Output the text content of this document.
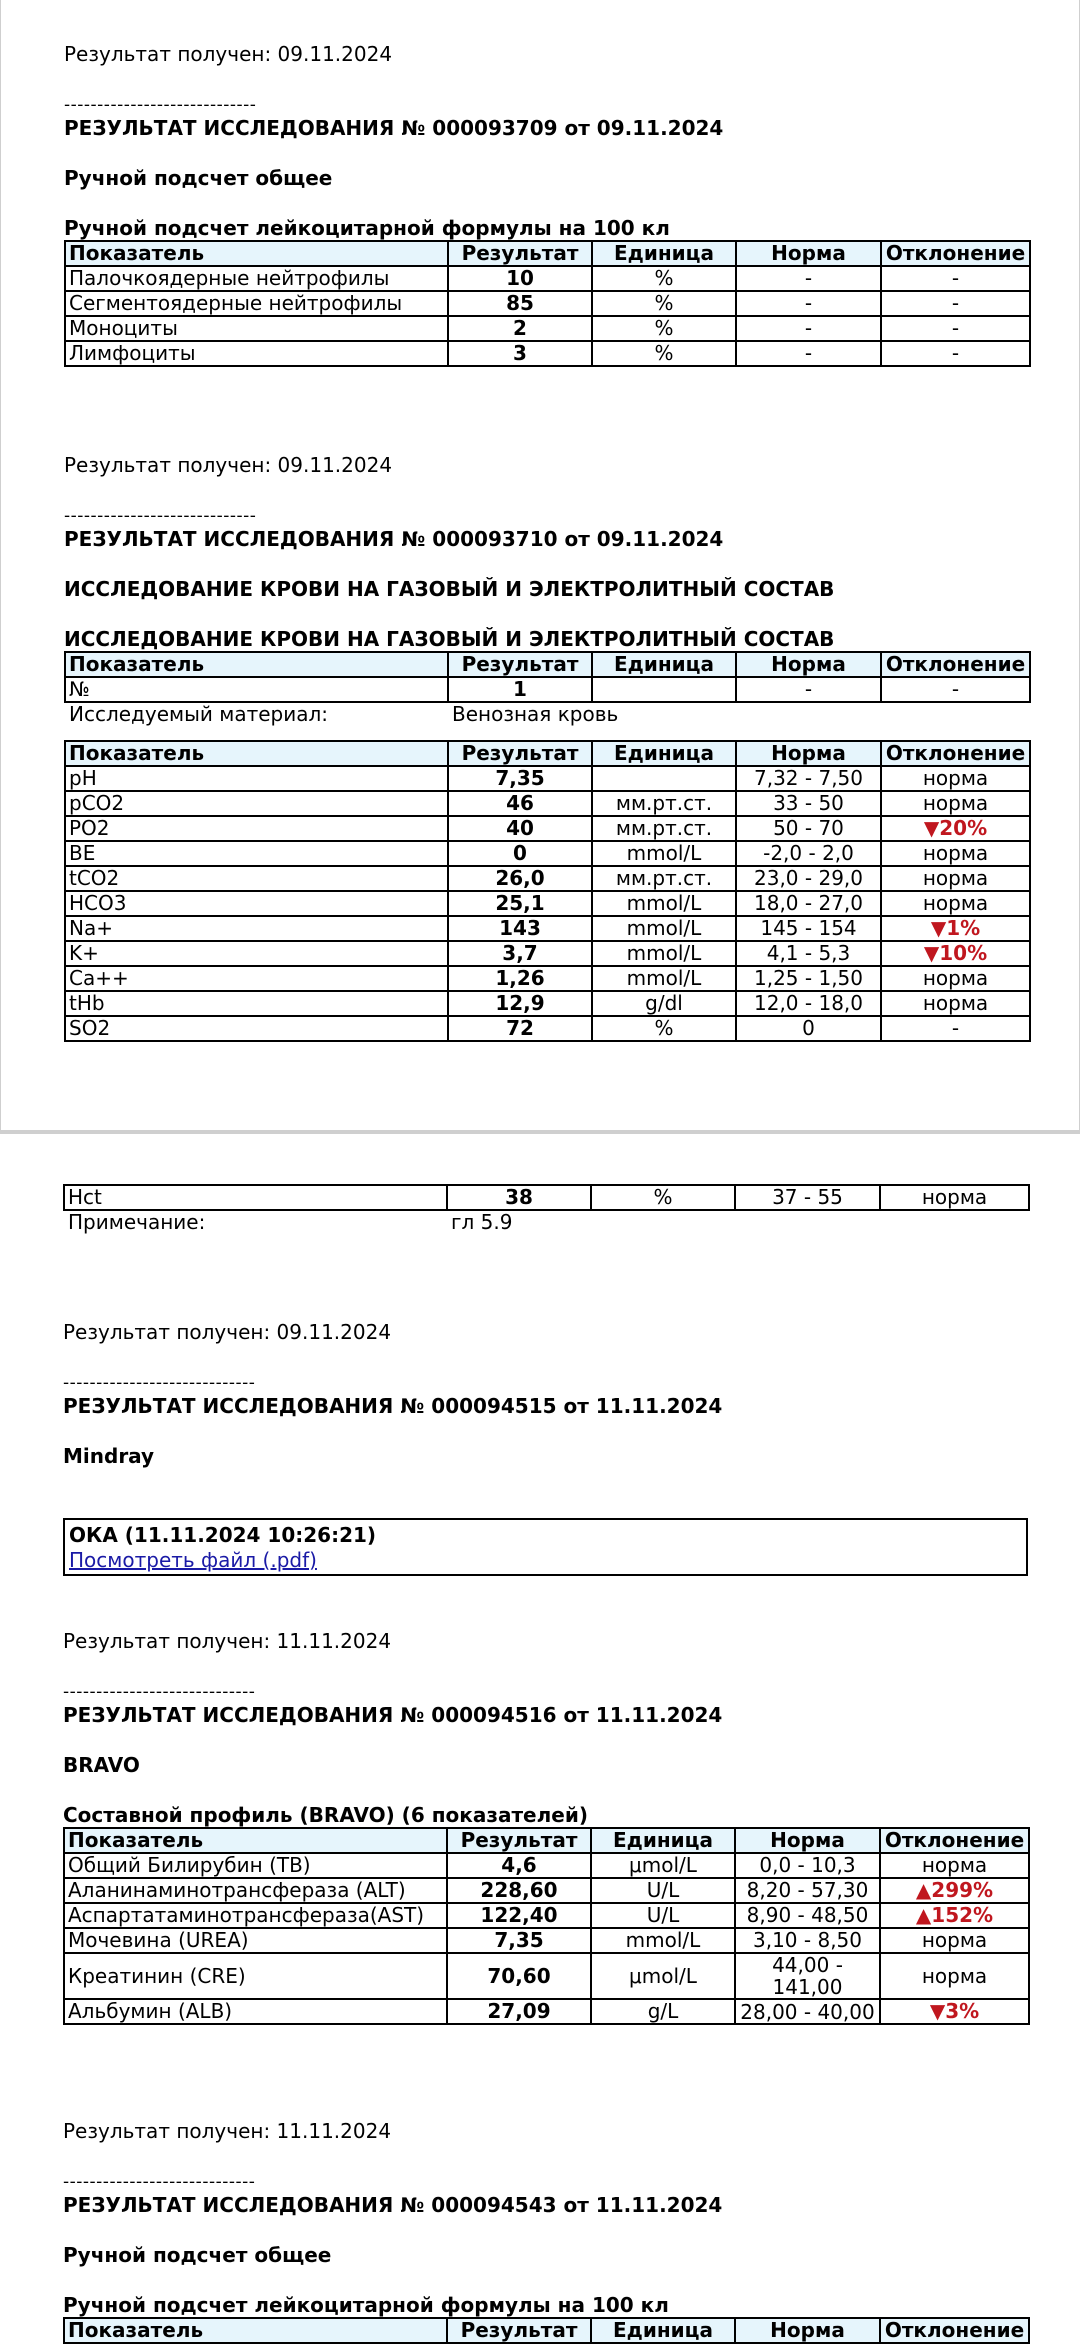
Результат получен: 09.11.2024
-----------------------------
РЕЗУЛЬТАТ ИССЛЕДОВАНИЯ № 000093709 от 09.11.2024
Ручной подсчет общее
Ручной подсчет лейкоцитарной формулы на 100 кл
Показатель	Результат	Единица	Норма	Отклонение
Палочкоядерные нейтрофилы	10	%	-	-
Сегментоядерные нейтрофилы	85	%	-	-
Моноциты	2	%	-	-
Лимфоциты	3	%	-	-
Результат получен: 09.11.2024
-----------------------------
РЕЗУЛЬТАТ ИССЛЕДОВАНИЯ № 000093710 от 09.11.2024
ИССЛЕДОВАНИЕ КРОВИ НА ГАЗОВЫЙ И ЭЛЕКТРОЛИТНЫЙ СОСТАВ
ИССЛЕДОВАНИЕ КРОВИ НА ГАЗОВЫЙ И ЭЛЕКТРОЛИТНЫЙ СОСТАВ
Показатель	Результат	Единица	Норма	Отклонение
№	1		-	-
Исследуемый материал:	Венозная кровь			
Показатель	Результат	Единица	Норма	Отклонение
pH	7,35		7,32 - 7,50	норма
pCO2	46	мм.рт.ст.	33 - 50	норма
PO2	40	мм.рт.ст.	50 - 70	▼20%
BE	0	mmol/L	-2,0 - 2,0	норма
tCO2	26,0	мм.рт.ст.	23,0 - 29,0	норма
HCO3	25,1	mmol/L	18,0 - 27,0	норма
Na+	143	mmol/L	145 - 154	▼1%
K+	3,7	mmol/L	4,1 - 5,3	▼10%
Ca++	1,26	mmol/L	1,25 - 1,50	норма
tHb	12,9	g/dl	12,0 - 18,0	норма
SO2	72	%	0	-
Hct	38	%	37 - 55	норма
Примечание:	гл 5.9			
Результат получен: 09.11.2024
-----------------------------
РЕЗУЛЬТАТ ИССЛЕДОВАНИЯ № 000094515 от 11.11.2024
Mindray
ОКА (11.11.2024 10:26:21)
Посмотреть файл (.pdf)
Результат получен: 11.11.2024
-----------------------------
РЕЗУЛЬТАТ ИССЛЕДОВАНИЯ № 000094516 от 11.11.2024
BRAVO
Составной профиль (BRAVO) (6 показателей)
Показатель	Результат	Единица	Норма	Отклонение
Общий Билирубин (TB)	4,6	μmol/L	0,0 - 10,3	норма
Аланинаминотрансфераза (ALT)	228,60	U/L	8,20 - 57,30	▲299%
Аспартатаминотрансфераза(AST)	122,40	U/L	8,90 - 48,50	▲152%
Мочевина (UREA)	7,35	mmol/L	3,10 - 8,50	норма
Креатинин (CRE)	70,60	μmol/L	44,00 - 141,00	норма
Альбумин (ALB)	27,09	g/L	28,00 - 40,00	▼3%
Результат получен: 11.11.2024
-----------------------------
РЕЗУЛЬТАТ ИССЛЕДОВАНИЯ № 000094543 от 11.11.2024
Ручной подсчет общее
Ручной подсчет лейкоцитарной формулы на 100 кл
Показатель	Результат	Единица	Норма	Отклонение
